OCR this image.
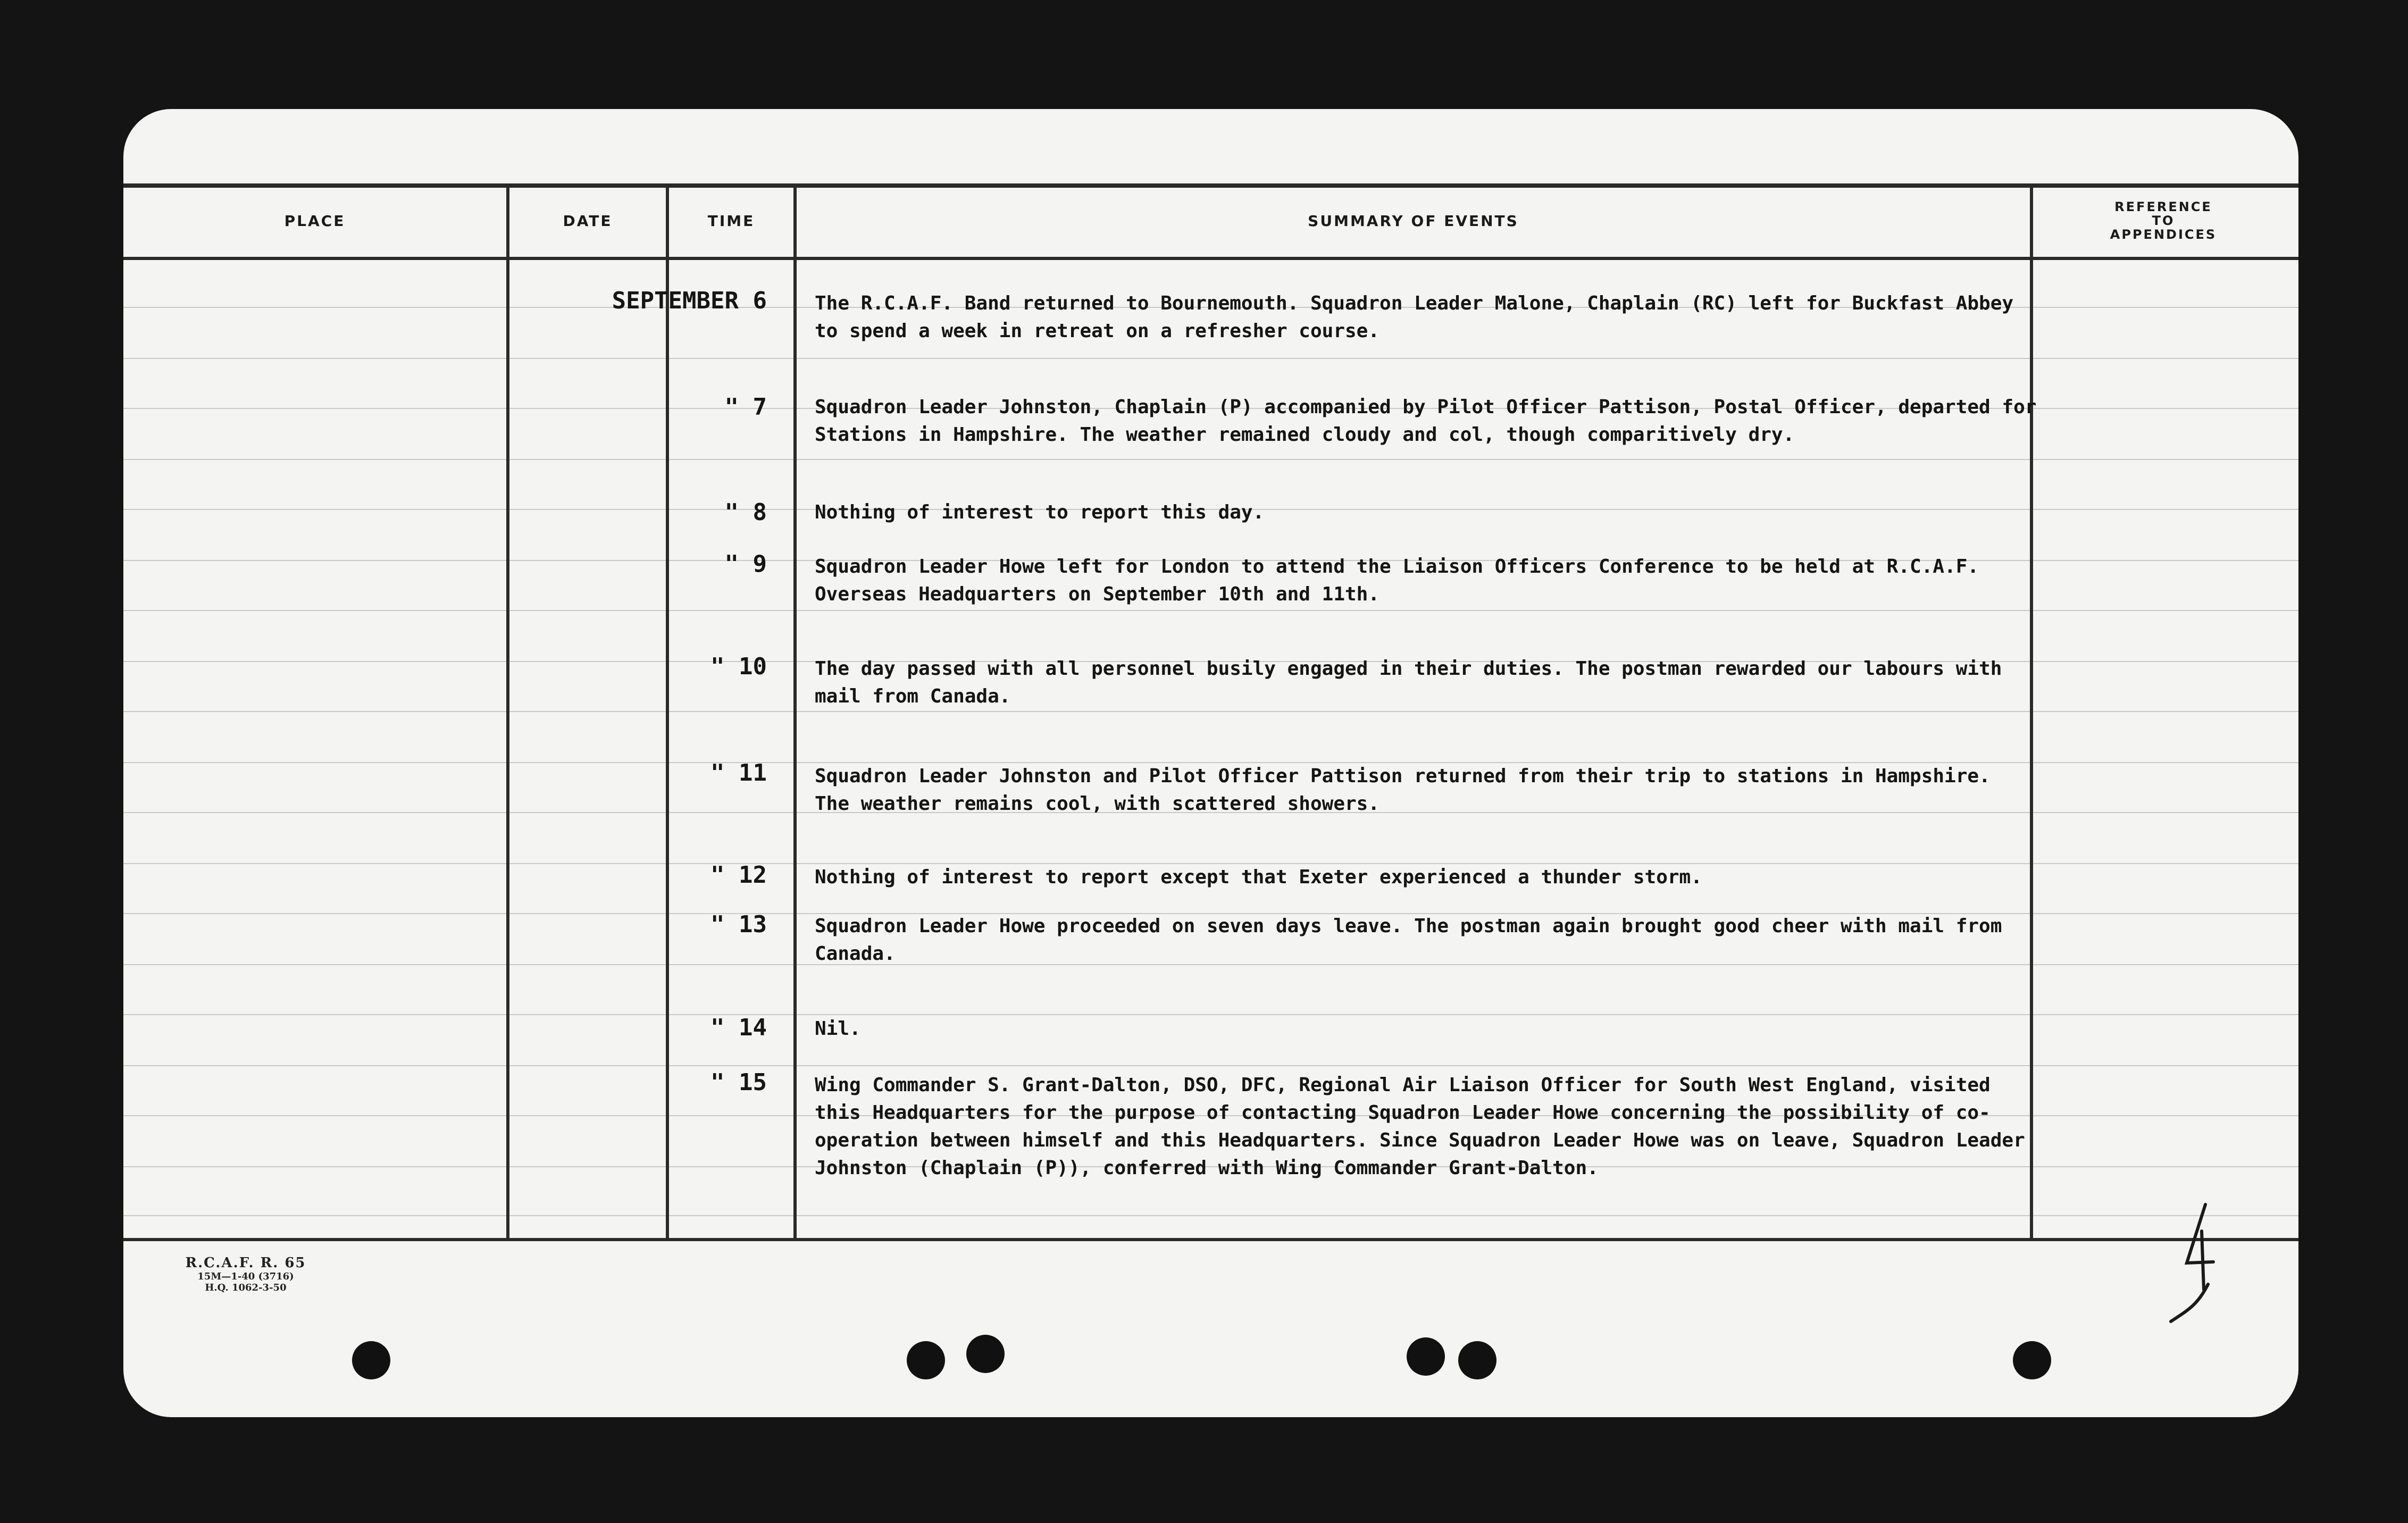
PLACE	DATE	TIME	SUMMARY OF EVENTS
REFERENCE
TO
APPENDICES
SEPTEMBER 6	The R.C.A.F. Band returned to Bournemouth. Squadron Leader Malone, Chaplain (RC) left for Buckfast Abbey
to spend a week in retreat on a refresher course.
" 7	Squadron Leader Johnston, Chaplain (P) accompanied by Pilot Officer Pattison, Postal Officer, departed for
Stations in Hampshire. The weather remained cloudy and col, though comparitively dry.
" 8	Nothing of interest to report this day.
" 9	Squadron Leader Howe left for London to attend the Liaison Officers Conference to be held at R.C.A.F.
Overseas Headquarters on September 10th and 11th.
" 10	The day passed with all personnel busily engaged in their duties. The postman rewarded our labours with
mail from Canada.
" 11	Squadron Leader Johnston and Pilot Officer Pattison returned from their trip to stations in Hampshire.
The weather remains cool, with scattered showers.
" 12	Nothing of interest to report except that Exeter experienced a thunder storm.
" 13	Squadron Leader Howe proceeded on seven days leave. The postman again brought good cheer with mail from
Canada.
" 14	Nil.
" 15	Wing Commander S. Grant-Dalton, DSO, DFC, Regional Air Liaison Officer for South West England, visited
this Headquarters for the purpose of contacting Squadron Leader Howe concerning the possibility of co-
operation between himself and this Headquarters. Since Squadron Leader Howe was on leave, Squadron Leader
Johnston (Chaplain (P)), conferred with Wing Commander Grant-Dalton.
R.C.A.F. R. 65
15M—1-40 (3716)
H.Q. 1062-3-50
4
